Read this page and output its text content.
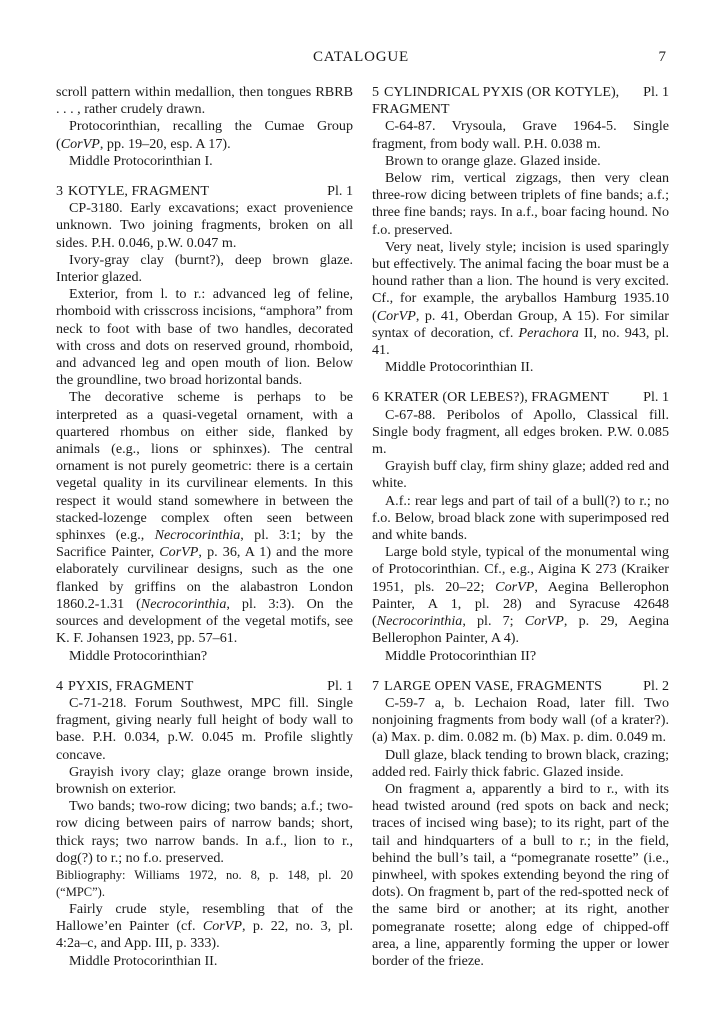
CATALOGUE	7

scroll pattern within medallion, then tongues RBRB . . . , rather crudely drawn.

Protocorinthian, recalling the Cumae Group (CorVP, pp. 19–20, esp. A 17).

Middle Protocorinthian I.

3 KOTYLE, FRAGMENT	Pl. 1

CP-3180. Early excavations; exact provenience unknown. Two joining fragments, broken on all sides. P.H. 0.046, p.W. 0.047 m.

Ivory-gray clay (burnt?), deep brown glaze. Interior glazed.

Exterior, from l. to r.: advanced leg of feline, rhomboid with crisscross incisions, “amphora” from neck to foot with base of two handles, decorated with cross and dots on reserved ground, rhomboid, and advanced leg and open mouth of lion. Below the groundline, two broad horizontal bands.

The decorative scheme is perhaps to be interpreted as a quasi-vegetal ornament, with a quartered rhombus on either side, flanked by animals (e.g., lions or sphinxes). The central ornament is not purely geometric: there is a certain vegetal quality in its curvilinear elements. In this respect it would stand somewhere in between the stacked-lozenge complex often seen between sphinxes (e.g., Necrocorinthia, pl. 3:1; by the Sacrifice Painter, CorVP, p. 36, A 1) and the more elaborately curvilinear designs, such as the one flanked by griffins on the alabastron London 1860.2-1.31 (Necrocorinthia, pl. 3:3). On the sources and development of the vegetal motifs, see K. F. Johansen 1923, pp. 57–61.

Middle Protocorinthian?

4 PYXIS, FRAGMENT	Pl. 1

C-71-218. Forum Southwest, MPC fill. Single fragment, giving nearly full height of body wall to base. P.H. 0.034, p.W. 0.045 m. Profile slightly concave.

Grayish ivory clay; glaze orange brown inside, brownish on exterior.

Two bands; two-row dicing; two bands; a.f.; two-row dicing between pairs of narrow bands; short, thick rays; two narrow bands. In a.f., lion to r., dog(?) to r.; no f.o. preserved.

Bibliography: Williams 1972, no. 8, p. 148, pl. 20 (“MPC”).

Fairly crude style, resembling that of the Hallowe’en Painter (cf. CorVP, p. 22, no. 3, pl. 4:2a–c, and App. III, p. 333).

Middle Protocorinthian II.

5 CYLINDRICAL PYXIS (OR KOTYLE), FRAGMENT
Pl. 1

C-64-87. Vrysoula, Grave 1964-5. Single fragment, from body wall. P.H. 0.038 m.

Brown to orange glaze. Glazed inside.

Below rim, vertical zigzags, then very clean three-row dicing between triplets of fine bands; a.f.; three fine bands; rays. In a.f., boar facing hound. No f.o. preserved.

Very neat, lively style; incision is used sparingly but effectively. The animal facing the boar must be a hound rather than a lion. The hound is very excited. Cf., for example, the aryballos Hamburg 1935.10 (CorVP, p. 41, Oberdan Group, A 15). For similar syntax of decoration, cf. Perachora II, no. 943, pl. 41.

Middle Protocorinthian II.

6 KRATER (OR LEBES?), FRAGMENT	Pl. 1

C-67-88. Peribolos of Apollo, Classical fill. Single body fragment, all edges broken. P.W. 0.085 m.

Grayish buff clay, firm shiny glaze; added red and white.

A.f.: rear legs and part of tail of a bull(?) to r.; no f.o. Below, broad black zone with superimposed red and white bands.

Large bold style, typical of the monumental wing of Protocorinthian. Cf., e.g., Aigina K 273 (Kraiker 1951, pls. 20–22; CorVP, Aegina Bellerophon Painter, A 1, pl. 28) and Syracuse 42648 (Necrocorinthia, pl. 7; CorVP, p. 29, Aegina Bellerophon Painter, A 4).

Middle Protocorinthian II?

7 LARGE OPEN VASE, FRAGMENTS	Pl. 2

C-59-7 a, b. Lechaion Road, later fill. Two nonjoining fragments from body wall (of a krater?). (a) Max. p. dim. 0.082 m. (b) Max. p. dim. 0.049 m.

Dull glaze, black tending to brown black, crazing; added red. Fairly thick fabric. Glazed inside.

On fragment a, apparently a bird to r., with its head twisted around (red spots on back and neck; traces of incised wing base); to its right, part of the tail and hindquarters of a bull to r.; in the field, behind the bull’s tail, a “pomegranate rosette” (i.e., pinwheel, with spokes extending beyond the ring of dots). On fragment b, part of the red-spotted neck of the same bird or another; at its right, another pomegranate rosette; along edge of chipped-off area, a line, apparently forming the upper or lower border of the frieze.
